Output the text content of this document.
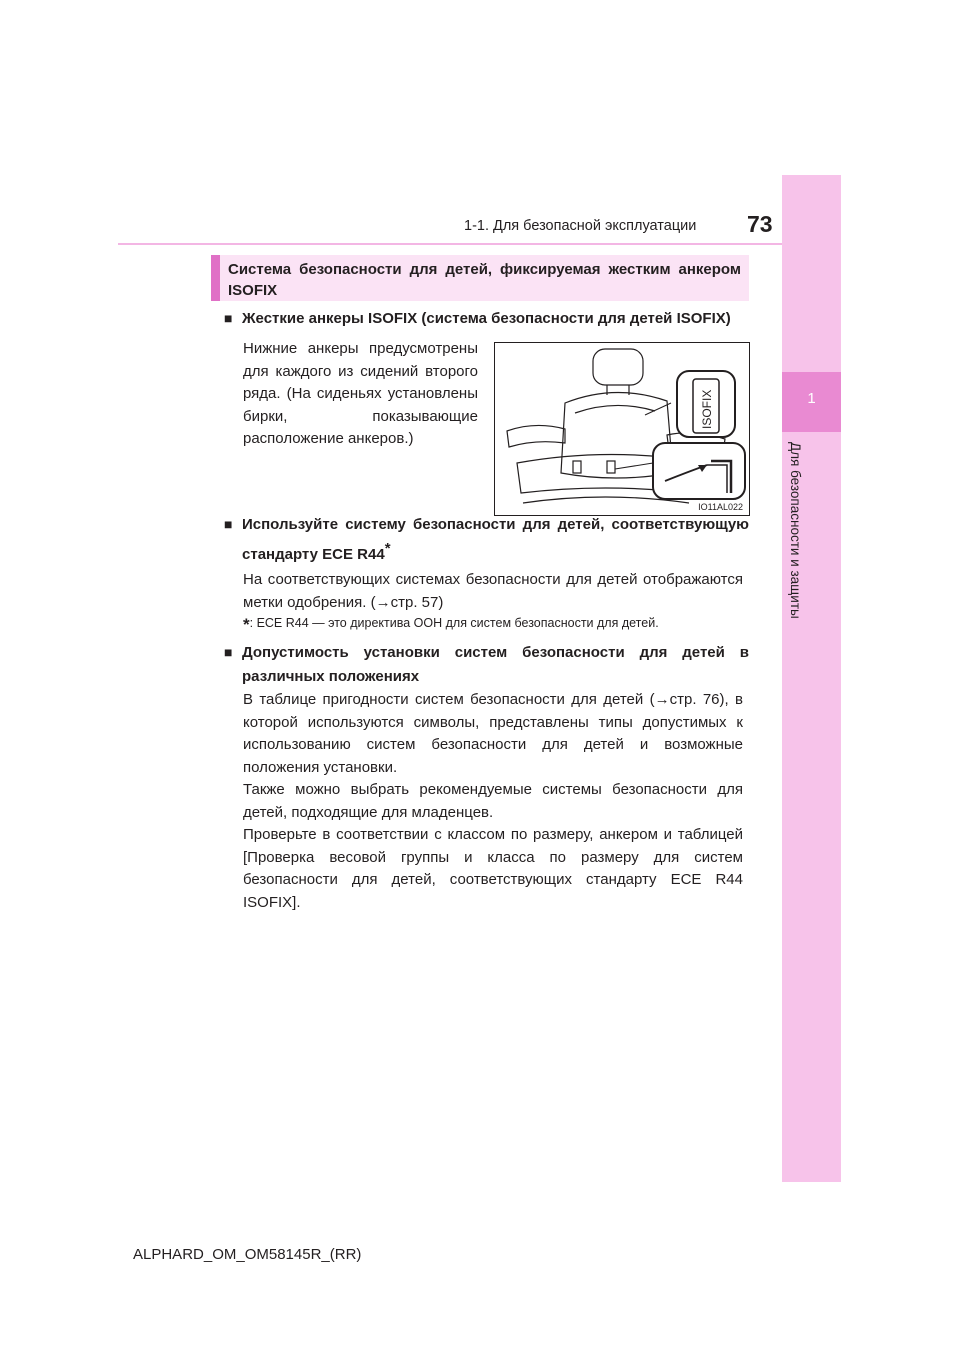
1-1. Для безопасной эксплуатации 73
1
Для безопасности и защиты
Система безопасности для детей, фиксируемая жестким анкером ISOFIX
■ Жесткие анкеры ISOFIX (система безопасности для детей ISOFIX)
Нижние анкеры предусмотрены для каждого из сидений второго ряда. (На сиденьях установлены бирки, показывающие расположение анкеров.)
ISOFIX
IO11AL022
■ Используйте систему безопасности для детей, соответствующую стандарту ECE R44*
На соответствующих системах безопасности для детей отображаются метки одобрения. (→стр. 57)
*: ECE R44 — это директива ООН для систем безопасности для детей.
■ Допустимость установки систем безопасности для детей в различных положениях
В таблице пригодности систем безопасности для детей (→стр. 76), в которой используются символы, представлены типы допустимых к использованию систем безопасности для детей и возможные положения установки.
Также можно выбрать рекомендуемые системы безопасности для детей, подходящие для младенцев.
Проверьте в соответствии с классом по размеру, анкером и таблицей [Проверка весовой группы и класса по размеру для систем безопасности для детей, соответствующих стандарту ECE R44 ISOFIX].
ALPHARD_OM_OM58145R_(RR)
